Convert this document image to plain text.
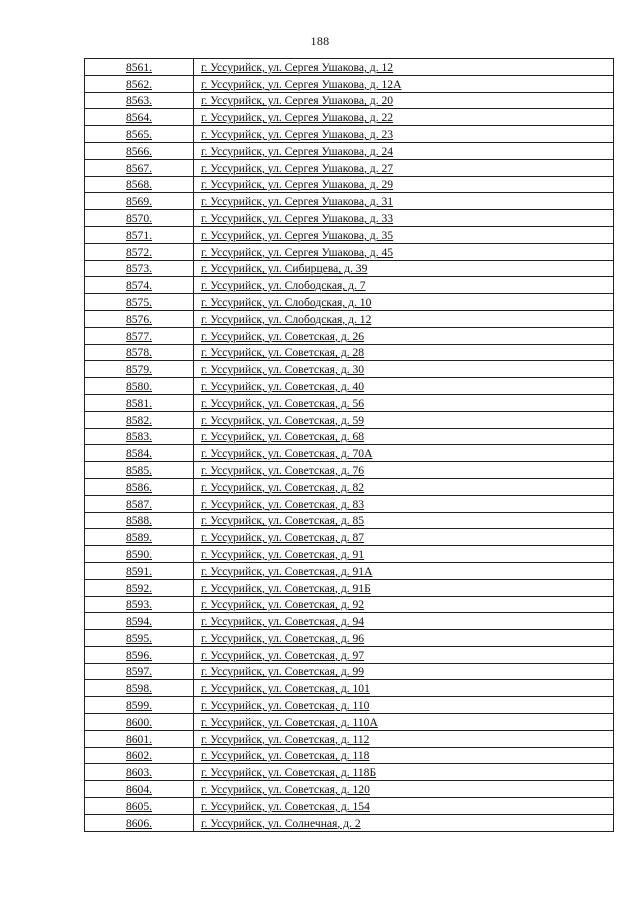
188
8561.	г. Уссурийск, ул. Сергея Ушакова, д. 12
8562.	г. Уссурийск, ул. Сергея Ушакова, д. 12А
8563.	г. Уссурийск, ул. Сергея Ушакова, д. 20
8564.	г. Уссурийск, ул. Сергея Ушакова, д. 22
8565.	г. Уссурийск, ул. Сергея Ушакова, д. 23
8566.	г. Уссурийск, ул. Сергея Ушакова, д. 24
8567.	г. Уссурийск, ул. Сергея Ушакова, д. 27
8568.	г. Уссурийск, ул. Сергея Ушакова, д. 29
8569.	г. Уссурийск, ул. Сергея Ушакова, д. 31
8570.	г. Уссурийск, ул. Сергея Ушакова, д. 33
8571.	г. Уссурийск, ул. Сергея Ушакова, д. 35
8572.	г. Уссурийск, ул. Сергея Ушакова, д. 45
8573.	г. Уссурийск, ул. Сибирцева, д. 39
8574.	г. Уссурийск, ул. Слободская, д. 7
8575.	г. Уссурийск, ул. Слободская, д. 10
8576.	г. Уссурийск, ул. Слободская, д. 12
8577.	г. Уссурийск, ул. Советская, д. 26
8578.	г. Уссурийск, ул. Советская, д. 28
8579.	г. Уссурийск, ул. Советская, д. 30
8580.	г. Уссурийск, ул. Советская, д. 40
8581.	г. Уссурийск, ул. Советская, д. 56
8582.	г. Уссурийск, ул. Советская, д. 59
8583.	г. Уссурийск, ул. Советская, д. 68
8584.	г. Уссурийск, ул. Советская, д. 70А
8585.	г. Уссурийск, ул. Советская, д. 76
8586.	г. Уссурийск, ул. Советская, д. 82
8587.	г. Уссурийск, ул. Советская, д. 83
8588.	г. Уссурийск, ул. Советская, д. 85
8589.	г. Уссурийск, ул. Советская, д. 87
8590.	г. Уссурийск, ул. Советская, д. 91
8591.	г. Уссурийск, ул. Советская, д. 91А
8592.	г. Уссурийск, ул. Советская, д. 91Б
8593.	г. Уссурийск, ул. Советская, д. 92
8594.	г. Уссурийск, ул. Советская, д. 94
8595.	г. Уссурийск, ул. Советская, д. 96
8596.	г. Уссурийск, ул. Советская, д. 97
8597.	г. Уссурийск, ул. Советская, д. 99
8598.	г. Уссурийск, ул. Советская, д. 101
8599.	г. Уссурийск, ул. Советская, д. 110
8600.	г. Уссурийск, ул. Советская, д. 110А
8601.	г. Уссурийск, ул. Советская, д. 112
8602.	г. Уссурийск, ул. Советская, д. 118
8603.	г. Уссурийск, ул. Советская, д. 118Б
8604.	г. Уссурийск, ул. Советская, д. 120
8605.	г. Уссурийск, ул. Советская, д. 154
8606.	г. Уссурийск, ул. Солнечная, д. 2
